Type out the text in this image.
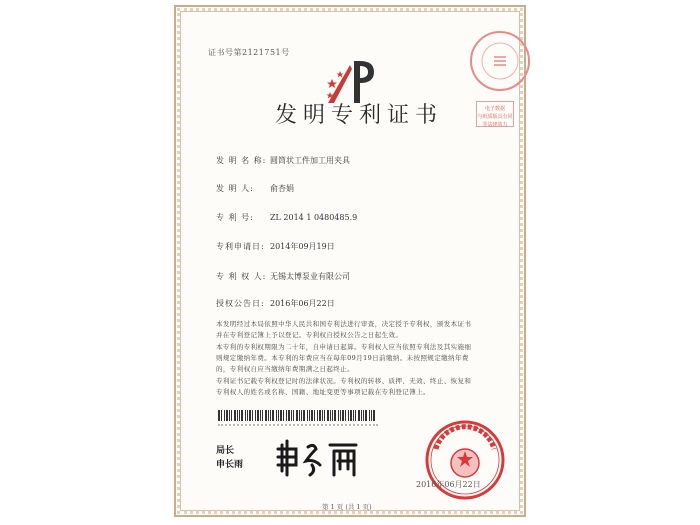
证书号第2121751号
电子数据
与纸质版具有同等法律效力
发明专利证书
发 明 名 称: 圆筒状工件加工用夹具
发 明 人: 俞杏娟
专 利 号: ZL 2014 1 0480485.9
专利申请日: 2014年09月19日
专 利 权 人: 无锡太博泵业有限公司
授权公告日: 2016年06月22日
本发明经过本局依照中华人民共和国专利法进行审查，决定授予专利权，颁发本证书并在专利登记簿上予以登记。专利权自授权公告之日起生效。
本专利的专利权期限为二十年，自申请日起算。专利权人应当依照专利法及其实施细则规定缴纳年费。本专利的年费应当在每年09月19日前缴纳。未按照规定缴纳年费的，专利权自应当缴纳年费期满之日起终止。
专利证书记载专利权登记时的法律状况。专利权的转移、质押、无效、终止、恢复和专利权人的姓名或名称、国籍、地址变更等事项记载在专利登记簿上。
局长
申长雨
2016年06月22日
第 1 页 (共 1 页)
